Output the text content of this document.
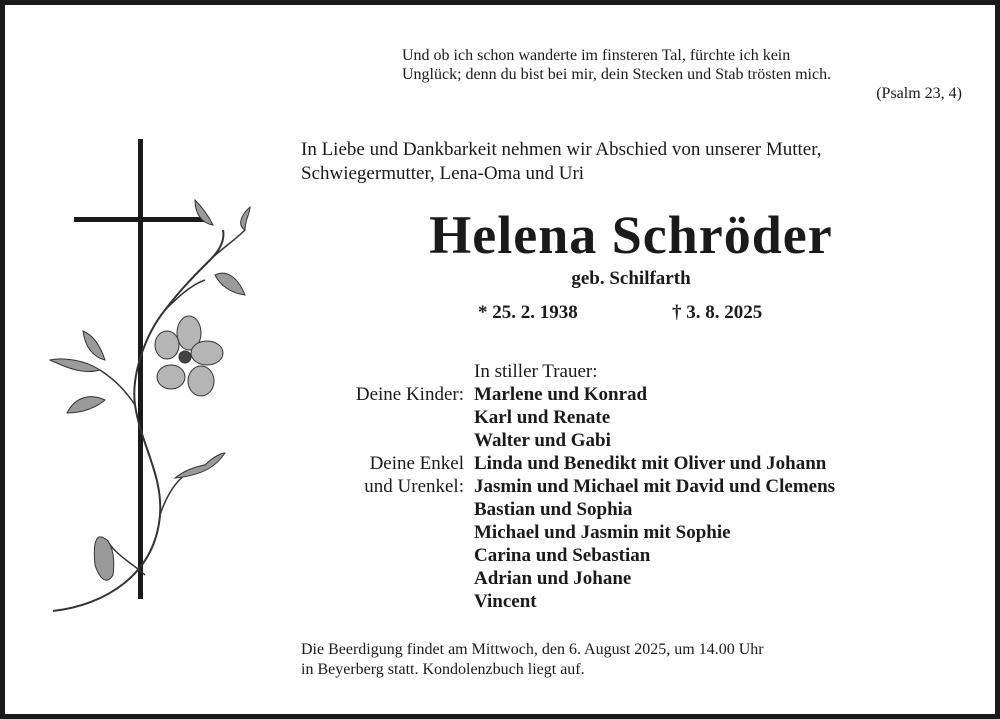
Und ob ich schon wanderte im finsteren Tal, fürchte ich kein
Unglück; denn du bist bei mir, dein Stecken und Stab trösten mich.
(Psalm 23, 4)
In Liebe und Dankbarkeit nehmen wir Abschied von unserer Mutter,
Schwiegermutter, Lena-Oma und Uri
Helena Schröder
geb. Schilfarth
* 25. 2. 1938	† 3. 8. 2025
In stiller Trauer:
Deine Kinder: Marlene und Konrad
Karl und Renate
Walter und Gabi
Deine Enkel Linda und Benedikt mit Oliver und Johann
und Urenkel: Jasmin und Michael mit David und Clemens
Bastian und Sophia
Michael und Jasmin mit Sophie
Carina und Sebastian
Adrian und Johane
Vincent
Die Beerdigung findet am Mittwoch, den 6. August 2025, um 14.00 Uhr
in Beyerberg statt. Kondolenzbuch liegt auf.
